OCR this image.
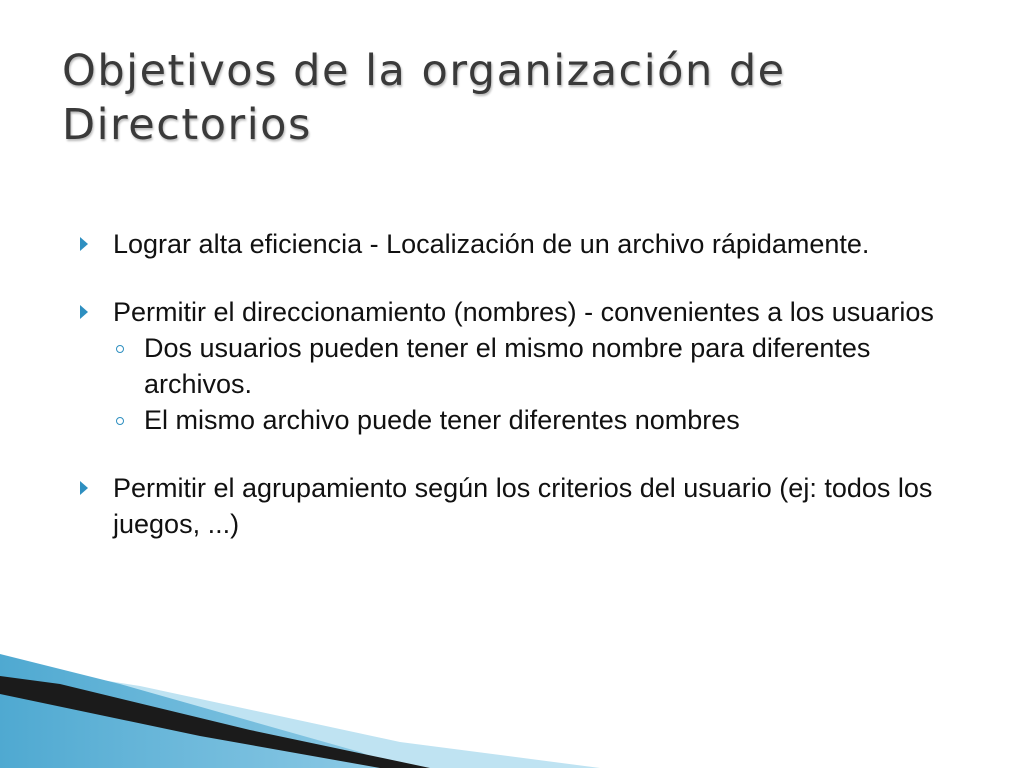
Objetivos de la organización de Directorios
Lograr alta eficiencia - Localización de un archivo rápidamente.
Permitir el direccionamiento (nombres) - convenientes a los usuarios
Dos usuarios pueden tener el mismo nombre para diferentes archivos.
El mismo archivo puede tener diferentes nombres
Permitir el agrupamiento según los criterios del usuario (ej: todos los juegos, ...)
